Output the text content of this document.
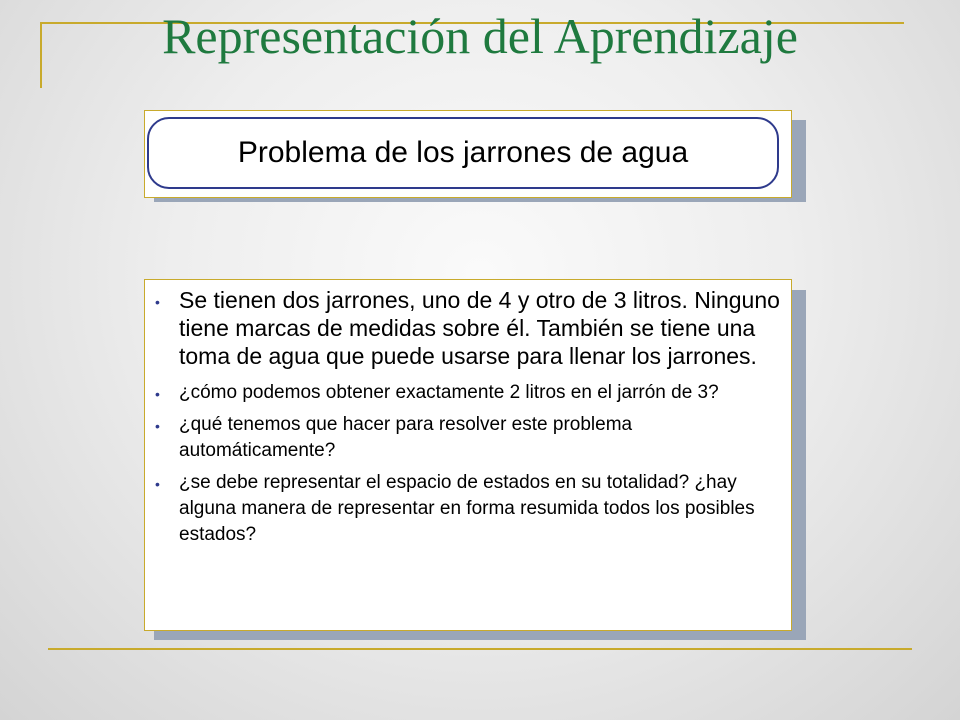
Representación del Aprendizaje
Problema de los jarrones de agua
• Se tienen dos jarrones, uno de 4 y otro de 3 litros. Ninguno tiene marcas de medidas sobre él. También se tiene una toma de agua que puede usarse para llenar los jarrones.
• ¿cómo podemos obtener exactamente 2 litros en el jarrón de 3?
• ¿qué tenemos que hacer para resolver este problema automáticamente?
• ¿se debe representar el espacio de estados en su totalidad? ¿hay alguna manera de representar en forma resumida todos los posibles estados?
